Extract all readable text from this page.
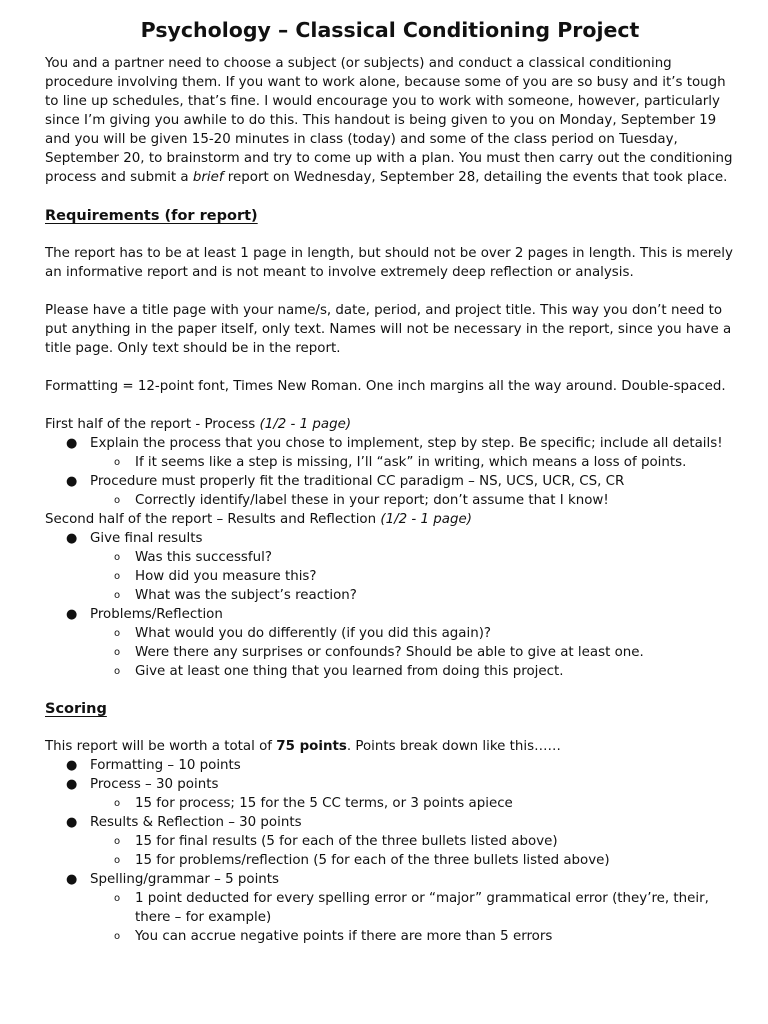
Psychology – Classical Conditioning Project

You and a partner need to choose a subject (or subjects) and conduct a classical conditioning procedure involving them. If you want to work alone, because some of you are so busy and it’s tough to line up schedules, that’s fine. I would encourage you to work with someone, however, particularly since I’m giving you awhile to do this. This handout is being given to you on Monday, September 19 and you will be given 15-20 minutes in class (today) and some of the class period on Tuesday, September 20, to brainstorm and try to come up with a plan. You must then carry out the conditioning process and submit a brief report on Wednesday, September 28, detailing the events that took place.

Requirements (for report)

The report has to be at least 1 page in length, but should not be over 2 pages in length. This is merely an informative report and is not meant to involve extremely deep reflection or analysis.

Please have a title page with your name/s, date, period, and project title. This way you don’t need to put anything in the paper itself, only text. Names will not be necessary in the report, since you have a title page. Only text should be in the report.

Formatting = 12-point font, Times New Roman. One inch margins all the way around. Double-spaced.

First half of the report - Process (1/2 - 1 page)

● Explain the process that you chose to implement, step by step. Be specific; include all details!
o If it seems like a step is missing, I’ll “ask” in writing, which means a loss of points.
● Procedure must properly fit the traditional CC paradigm – NS, UCS, UCR, CS, CR
o Correctly identify/label these in your report; don’t assume that I know!

Second half of the report – Results and Reflection (1/2 - 1 page)

● Give final results
o Was this successful?
o How did you measure this?
o What was the subject’s reaction?
● Problems/Reflection
o What would you do differently (if you did this again)?
o Were there any surprises or confounds? Should be able to give at least one.
o Give at least one thing that you learned from doing this project.
Scoring

This report will be worth a total of 75 points. Points break down like this……

● Formatting – 10 points
● Process – 30 points
o 15 for process; 15 for the 5 CC terms, or 3 points apiece
● Results & Reflection – 30 points
o 15 for final results (5 for each of the three bullets listed above)
o 15 for problems/reflection (5 for each of the three bullets listed above)
● Spelling/grammar – 5 points
o 1 point deducted for every spelling error or “major” grammatical error (they’re, their, there – for example)
o You can accrue negative points if there are more than 5 errors
